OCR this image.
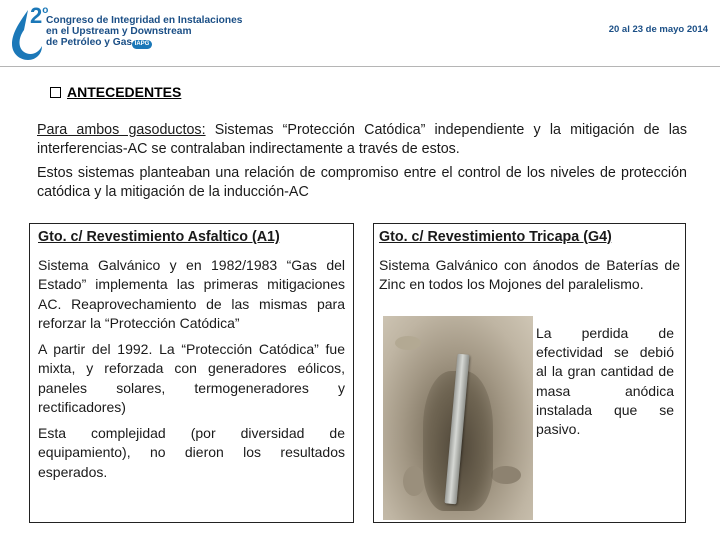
2$^o$
Congreso de Integridad en Instalaciones
en el Upstream y Downstream
de Petróleo y Gas IAPG
20 al 23 de mayo 2014
ANTECEDENTES

Para ambos gasoductos: Sistemas “Protección Catódica” independiente y la mitigación de las interferencias-AC se contralaban indirectamente a través de estos.

Estos sistemas planteaban una relación de compromiso entre el control de los niveles de protección catódica y la mitigación de la inducción-AC

Gto. c/ Revestimiento Asfaltico (A1)

Sistema Galvánico y en 1982/1983 “Gas del Estado” implementa las primeras mitigaciones AC. Reaprovechamiento de las mismas para reforzar la “Protección Catódica”

A partir del 1992. La “Protección Catódica” fue mixta, y reforzada con generadores eólicos, paneles solares, termogeneradores y rectificadores)

Esta complejidad (por diversidad de equipamiento), no dieron los resultados esperados.

Gto. c/ Revestimiento Tricapa (G4)

Sistema Galvánico con ánodos de Baterías de Zinc en todos los Mojones del paralelismo.

La perdida de efectividad se debió al la gran cantidad de masa anódica instalada que se pasivo.
